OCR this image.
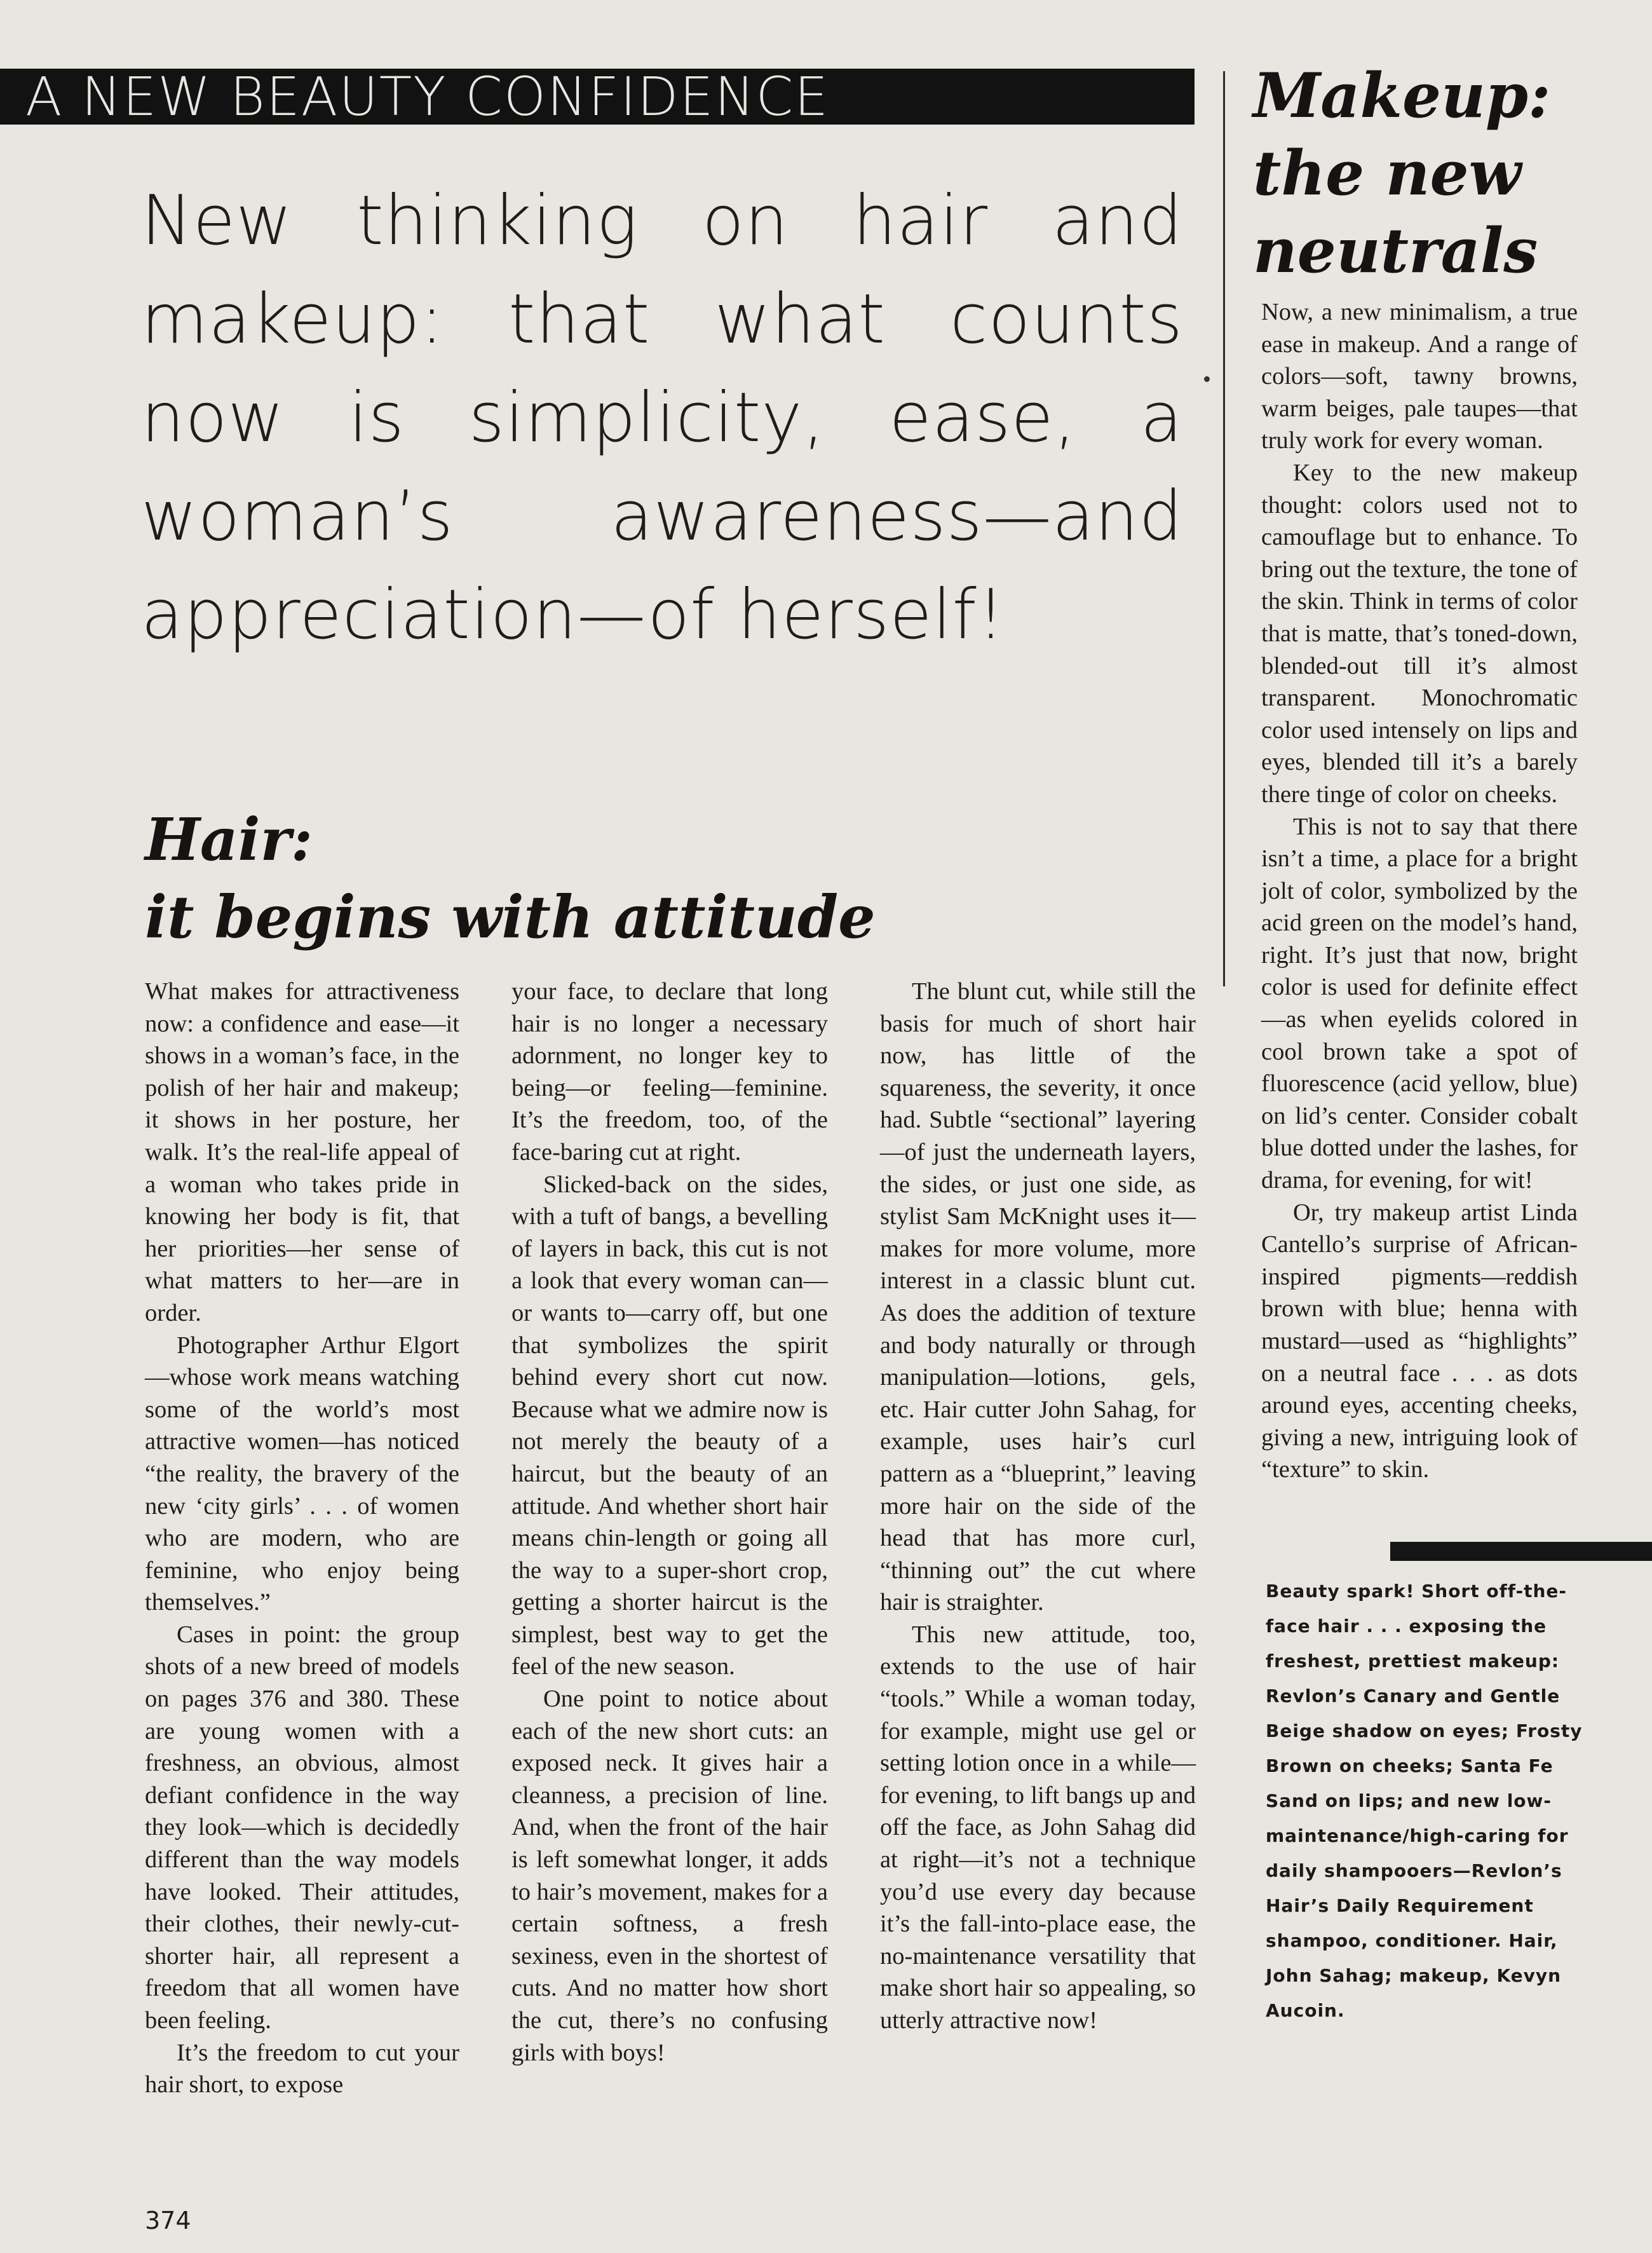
A NEW BEAUTY CONFIDENCE
New thinking on hair and makeup: that what counts now is simplicity, ease, a woman’s awareness—and appreciation—of herself!
Hair:
it begins with attitude

What makes for attractiveness now: a confidence and ease—it shows in a woman’s face, in the polish of her hair and makeup; it shows in her posture, her walk. It’s the real-life appeal of a woman who takes pride in knowing her body is fit, that her priorities—her sense of what matters to her—are in order.

Photographer Arthur Elgort—whose work means watching some of the world’s most attractive women—has noticed “the reality, the bravery of the new ‘city girls’ . . . of women who are modern, who are feminine, who enjoy being themselves.”

Cases in point: the group shots of a new breed of models on pages 376 and 380. These are young women with a freshness, an obvious, almost defiant confidence in the way they look—which is decidedly different than the way models have looked. Their attitudes, their clothes, their newly-cut-shorter hair, all represent a freedom that all women have been feeling.

It’s the freedom to cut your hair short, to expose

your face, to declare that long hair is no longer a necessary adornment, no longer key to being—or feeling—feminine. It’s the freedom, too, of the face-baring cut at right.

Slicked-back on the sides, with a tuft of bangs, a bevelling of layers in back, this cut is not a look that every woman can—or wants to—carry off, but one that symbolizes the spirit behind every short cut now. Because what we admire now is not merely the beauty of a haircut, but the beauty of an attitude. And whether short hair means chin-length or going all the way to a super-short crop, getting a shorter haircut is the simplest, best way to get the feel of the new season.

One point to notice about each of the new short cuts: an exposed neck. It gives hair a cleanness, a precision of line. And, when the front of the hair is left somewhat longer, it adds to hair’s movement, makes for a certain softness, a fresh sexiness, even in the shortest of cuts. And no matter how short the cut, there’s no confusing girls with boys!

The blunt cut, while still the basis for much of short hair now, has little of the squareness, the severity, it once had. Subtle “sectional” layering—of just the underneath layers, the sides, or just one side, as stylist Sam McKnight uses it—makes for more volume, more interest in a classic blunt cut. As does the addition of texture and body naturally or through manipulation—lotions, gels, etc. Hair cutter John Sahag, for example, uses hair’s curl pattern as a “blueprint,” leaving more hair on the side of the head that has more curl, “thinning out” the cut where hair is straighter.

This new attitude, too, extends to the use of hair “tools.” While a woman today, for example, might use gel or setting lotion once in a while—for evening, to lift bangs up and off the face, as John Sahag did at right—it’s not a technique you’d use every day because it’s the fall-into-place ease, the no-maintenance versatility that make short hair so appealing, so utterly attractive now!

Makeup:
the new
neutrals

Now, a new minimalism, a true ease in makeup. And a range of colors—soft, tawny browns, warm beiges, pale taupes—that truly work for every woman.

Key to the new makeup thought: colors used not to camouflage but to enhance. To bring out the texture, the tone of the skin. Think in terms of color that is matte, that’s toned-down, blended-out till it’s almost transparent. Monochromatic color used intensely on lips and eyes, blended till it’s a barely there tinge of color on cheeks.

This is not to say that there isn’t a time, a place for a bright jolt of color, symbolized by the acid green on the model’s hand, right. It’s just that now, bright color is used for definite effect—as when eyelids colored in cool brown take a spot of fluorescence (acid yellow, blue) on lid’s center. Consider cobalt blue dotted under the lashes, for drama, for evening, for wit!

Or, try makeup artist Linda Cantello’s surprise of African-inspired pigments—reddish brown with blue; henna with mustard—used as “highlights” on a neutral face . . . as dots around eyes, accenting cheeks, giving a new, intriguing look of “texture” to skin.

Beauty spark! Short off-the-face hair . . . exposing the freshest, prettiest makeup: Revlon’s Canary and Gentle Beige shadow on eyes; Frosty Brown on cheeks; Santa Fe Sand on lips; and new low-maintenance/high-caring for daily shampooers—Revlon’s Hair’s Daily Requirement shampoo, conditioner. Hair, John Sahag; makeup, Kevyn Aucoin.
374
